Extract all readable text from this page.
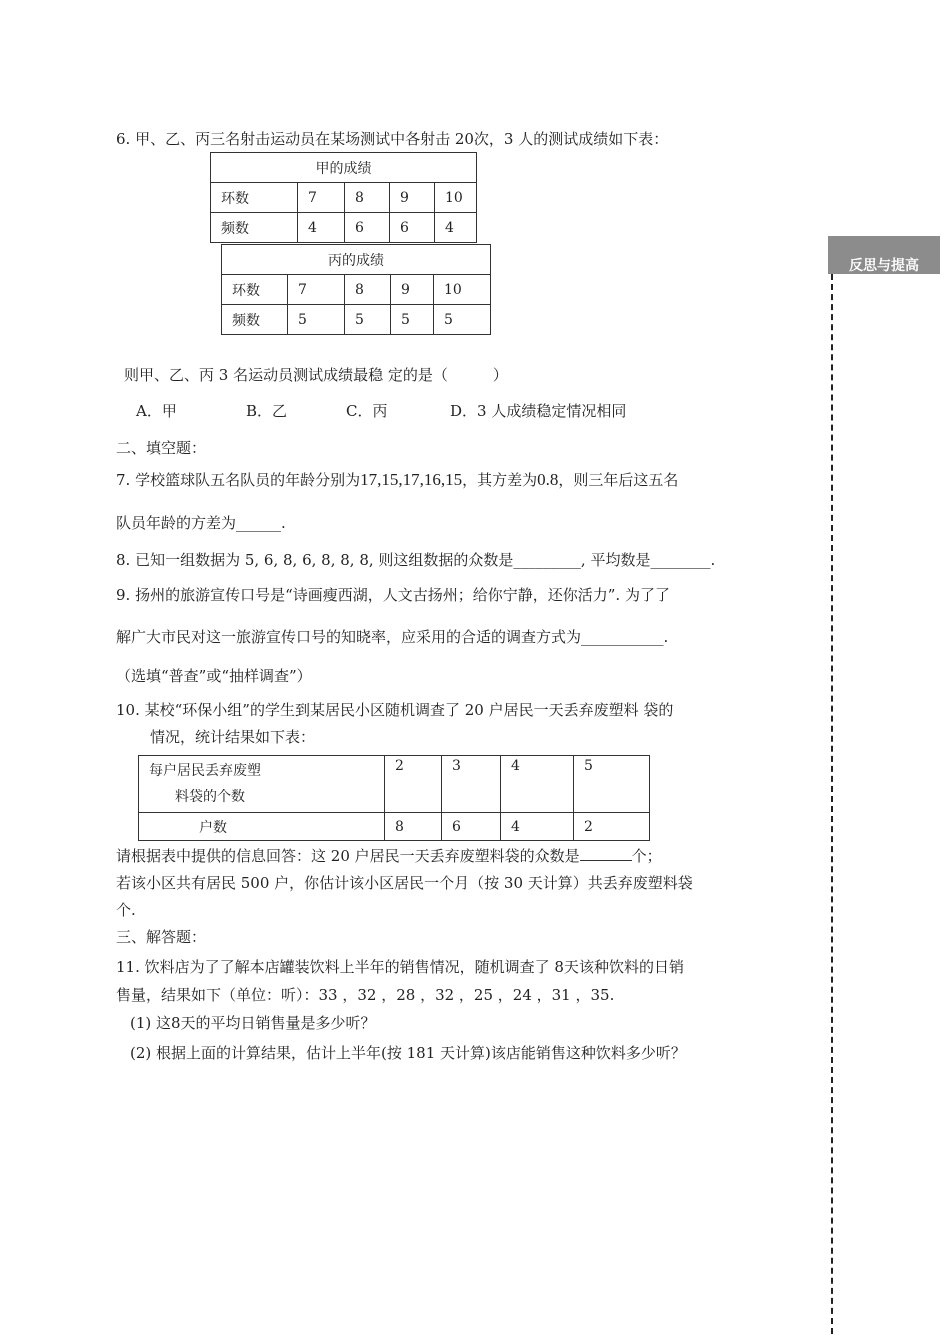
6. 甲、乙、丙三名射击运动员在某场测试中各射击 20次，3 人的测试成绩如下表：
甲的成绩				
环数	7	8	9	10
频数	4	6	6	4
丙的成绩				
环数	7	8	9	10
频数	5	5	5	5
则甲、乙、丙 3 名运动员测试成绩最稳 定的是（　　　）
A．甲	B．乙	C．丙	D．3 人成绩稳定情况相同
二、填空题：
7. 学校篮球队五名队员的年龄分别为17,15,17,16,15，其方差为0.8，则三年后这五名
队员年龄的方差为______.
8. 已知一组数据为 5, 6, 8, 6, 8, 8, 8, 则这组数据的众数是_________, 平均数是________.
9. 扬州的旅游宣传口号是“诗画瘦西湖，人文古扬州；给你宁静，还你活力”. 为了了
解广大市民对这一旅游宣传口号的知晓率，应采用的合适的调查方式为___________.
（选填“普查”或“抽样调查”）
10. 某校“环保小组”的学生到某居民小区随机调查了 20 户居民一天丢弃废塑料 袋的
情况，统计结果如下表：
每户居民丢弃废塑
料袋的个数	2	3	4	5
户数	8	6	4	2
请根据表中提供的信息回答：这 20 户居民一天丢弃废塑料袋的众数是	个；
若该小区共有居民 500 户，你估计该小区居民一个月（按 30 天计算）共丢弃废塑料袋
个.
三、解答题：
11. 饮料店为了了解本店罐装饮料上半年的销售情况，随机调查了 8天该种饮料的日销
售量，结果如下（单位：听）：33 ，32 ，28 ，32 ，25 ，24 ，31 ，35.
(1) 这8天的平均日销售量是多少听？
(2) 根据上面的计算结果，估计上半年(按 181 天计算)该店能销售这种饮料多少听？
反思与提高
